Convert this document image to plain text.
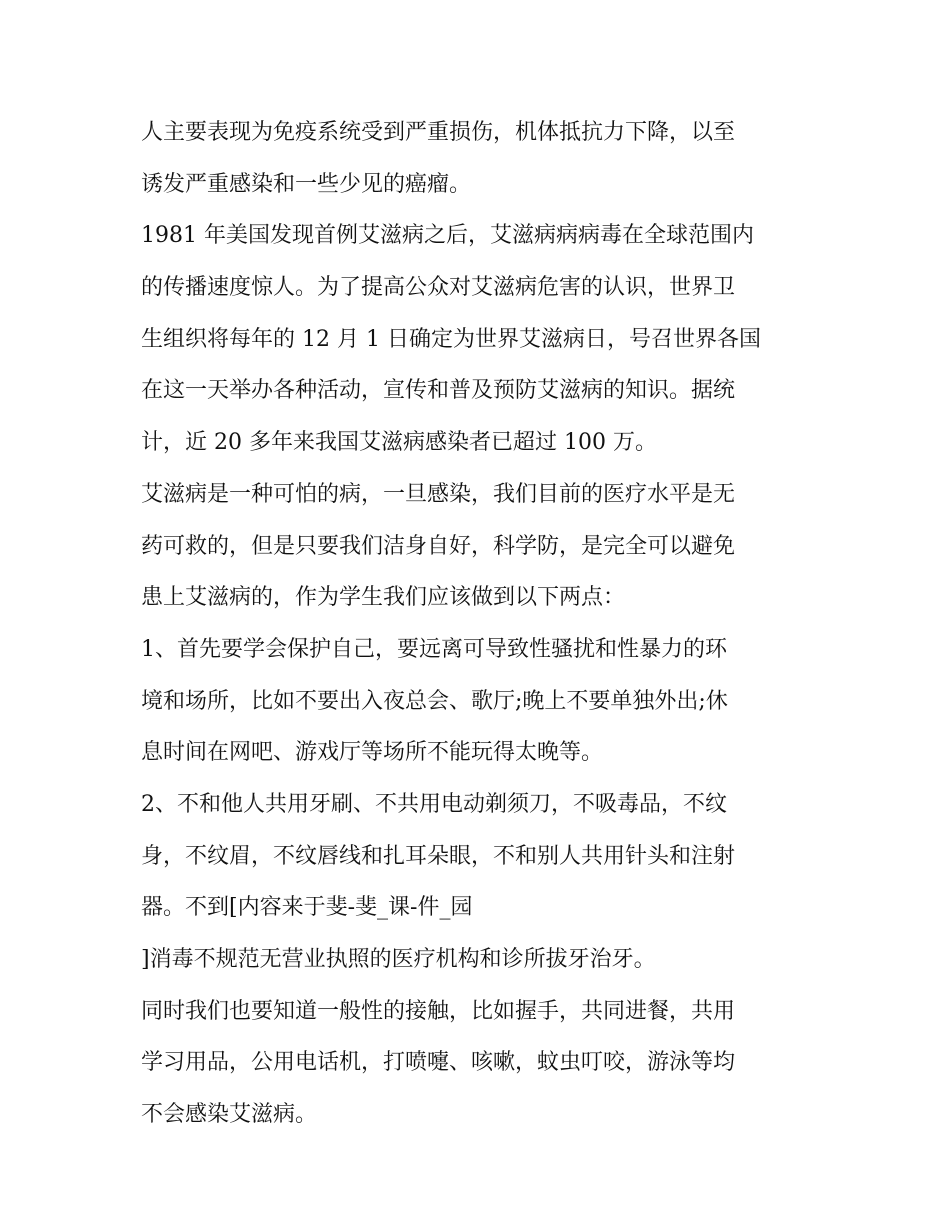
人主要表现为免疫系统受到严重损伤，机体抵抗力下降，以至
诱发严重感染和一些少见的癌瘤。
1981 年美国发现首例艾滋病之后，艾滋病病病毒在全球范围内
的传播速度惊人。为了提高公众对艾滋病危害的认识，世界卫
生组织将每年的 12 月 1 日确定为世界艾滋病日，号召世界各国
在这一天举办各种活动，宣传和普及预防艾滋病的知识。据统
计，近 20 多年来我国艾滋病感染者已超过 100 万。
艾滋病是一种可怕的病，一旦感染，我们目前的医疗水平是无
药可救的，但是只要我们洁身自好，科学防，是完全可以避免
患上艾滋病的，作为学生我们应该做到以下两点：
1、首先要学会保护自己，要远离可导致性骚扰和性暴力的环
境和场所，比如不要出入夜总会、歌厅;晚上不要单独外出;休
息时间在网吧、游戏厅等场所不能玩得太晚等。
2、不和他人共用牙刷、不共用电动剃须刀，不吸毒品，不纹
身，不纹眉，不纹唇线和扎耳朵眼，不和别人共用针头和注射
器。不到[内容来于斐-斐_课-件_园
]消毒不规范无营业执照的医疗机构和诊所拔牙治牙。
同时我们也要知道一般性的接触，比如握手，共同进餐，共用
学习用品，公用电话机，打喷嚏、咳嗽，蚊虫叮咬，游泳等均
不会感染艾滋病。
